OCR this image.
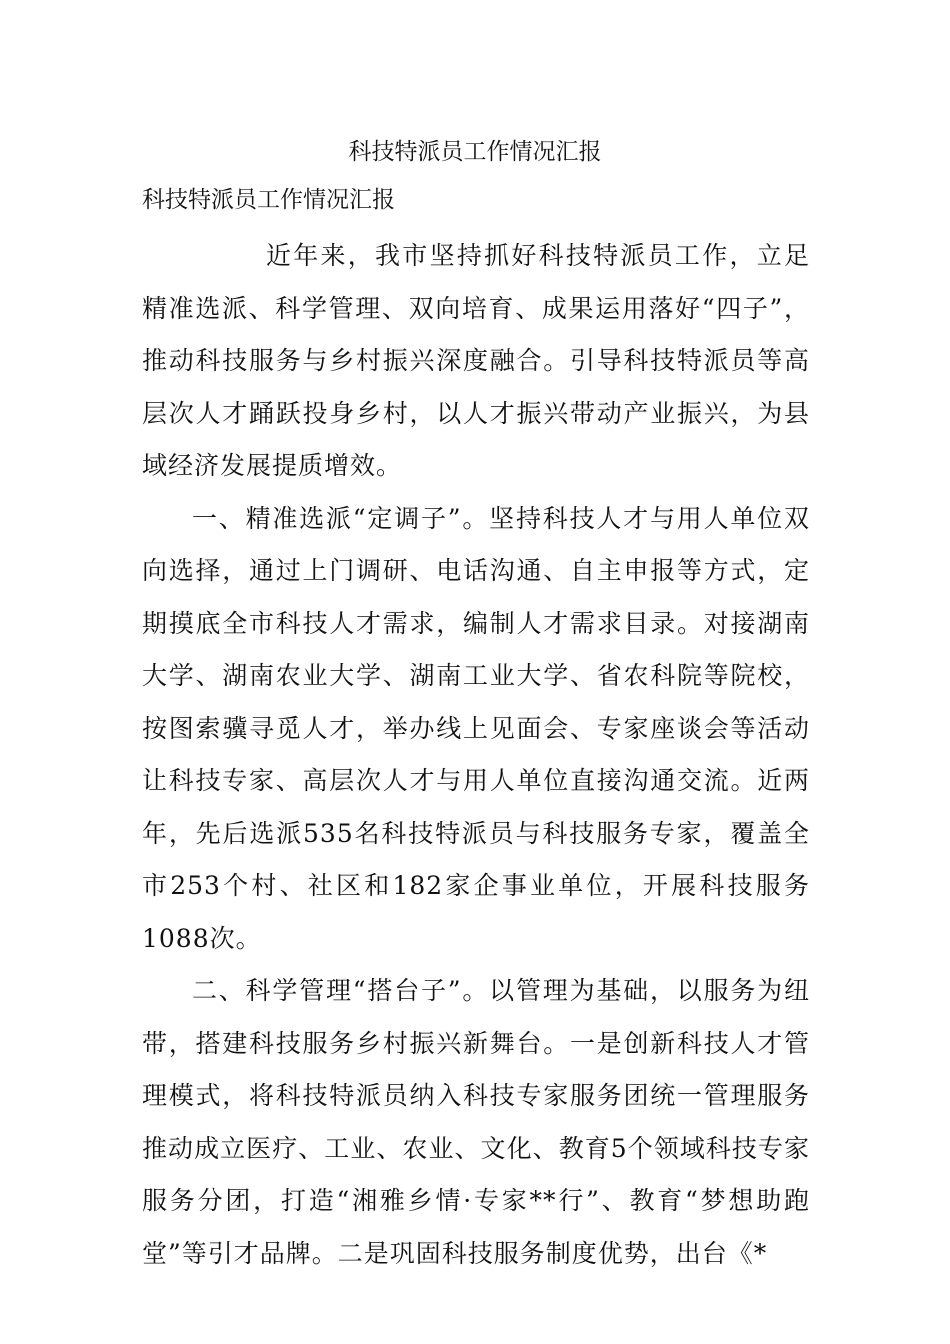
科技特派员工作情况汇报
科技特派员工作情况汇报

近年来，我市坚持抓好科技特派员工作，立足精准选派、科学管理、双向培育、成果运用落好“四子”，推动科技服务与乡村振兴深度融合。引导科技特派员等高层次人才踊跃投身乡村，以人才振兴带动产业振兴，为县域经济发展提质增效。

一、精准选派“定调子”。坚持科技人才与用人单位双向选择，通过上门调研、电话沟通、自主申报等方式，定期摸底全市科技人才需求，编制人才需求目录。对接湖南大学、湖南农业大学、湖南工业大学、省农科院等院校，按图索骥寻觅人才，举办线上见面会、专家座谈会等活动让科技专家、高层次人才与用人单位直接沟通交流。近两年，先后选派535名科技特派员与科技服务专家，覆盖全市253个村、社区和182家企事业单位，开展科技服务1088次。

二、科学管理“搭台子”。以管理为基础，以服务为纽带，搭建科技服务乡村振兴新舞台。一是创新科技人才管理模式，将科技特派员纳入科技专家服务团统一管理服务推动成立医疗、工业、农业、文化、教育5个领域科技专家服务分团，打造“湘雅乡情·专家**行”、教育“梦想助跑堂”等引才品牌。二是巩固科技服务制度优势，出台《*
